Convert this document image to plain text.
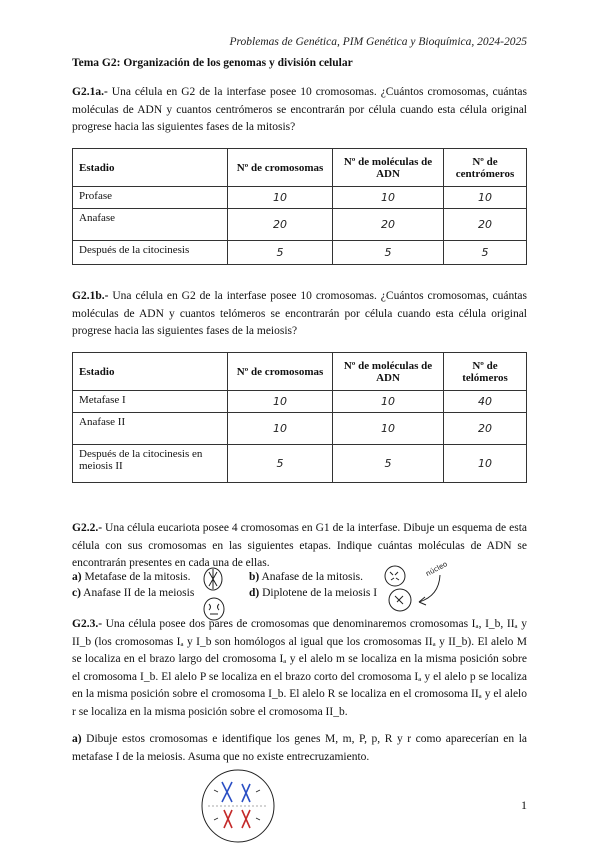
Problemas de Genética, PIM Genética y Bioquímica, 2024-2025
Tema G2: Organización de los genomas y división celular
G2.1a.- Una célula en G2 de la interfase posee 10 cromosomas. ¿Cuántos cromosomas, cuántas moléculas de ADN y cuantos centrómeros se encontrarán por célula cuando esta célula original progrese hacia las siguientes fases de la mitosis?
Estadio	Nº de cromosomas	Nº de moléculas de ADN	Nº de centrómeros
Profase	10	10	10
Anafase	20	20	20
Después de la citocinesis	5	5	5
G2.1b.- Una célula en G2 de la interfase posee 10 cromosomas. ¿Cuántos cromosomas, cuántas moléculas de ADN y cuantos telómeros se encontrarán por célula cuando esta célula original progrese hacia las siguientes fases de la meiosis?
Estadio	Nº de cromosomas	Nº de moléculas de ADN	Nº de telómeros
Metafase I	10	10	40
Anafase II	10	10	20
Después de la citocinesis en meiosis II	5	5	10
G2.2.- Una célula eucariota posee 4 cromosomas en G1 de la interfase. Dibuje un esquema de esta célula con sus cromosomas en las siguientes etapas. Indique cuántas moléculas de ADN se encontrarán presentes en cada una de ellas.
a) Metafase de la mitosis.
c) Anafase II de la meiosis
b) Anafase de la mitosis.
d) Diplotene de la meiosis I
núcleo
G2.3.- Una célula posee dos pares de cromosomas que denominaremos cromosomas Iₐ, I_b, IIₐ y II_b (los cromosomas Iₐ y I_b son homólogos al igual que los cromosomas IIₐ y II_b). El alelo M se localiza en el brazo largo del cromosoma Iₐ y el alelo m se localiza en la misma posición sobre el cromosoma I_b. El alelo P se localiza en el brazo corto del cromosoma Iₐ y el alelo p se localiza en la misma posición sobre el cromosoma I_b. El alelo R se localiza en el cromosoma IIₐ y el alelo r se localiza en la misma posición sobre el cromosoma II_b.
a) Dibuje estos cromosomas e identifique los genes M, m, P, p, R y r como aparecerían en la metafase I de la meiosis. Asuma que no existe entrecruzamiento.
1
